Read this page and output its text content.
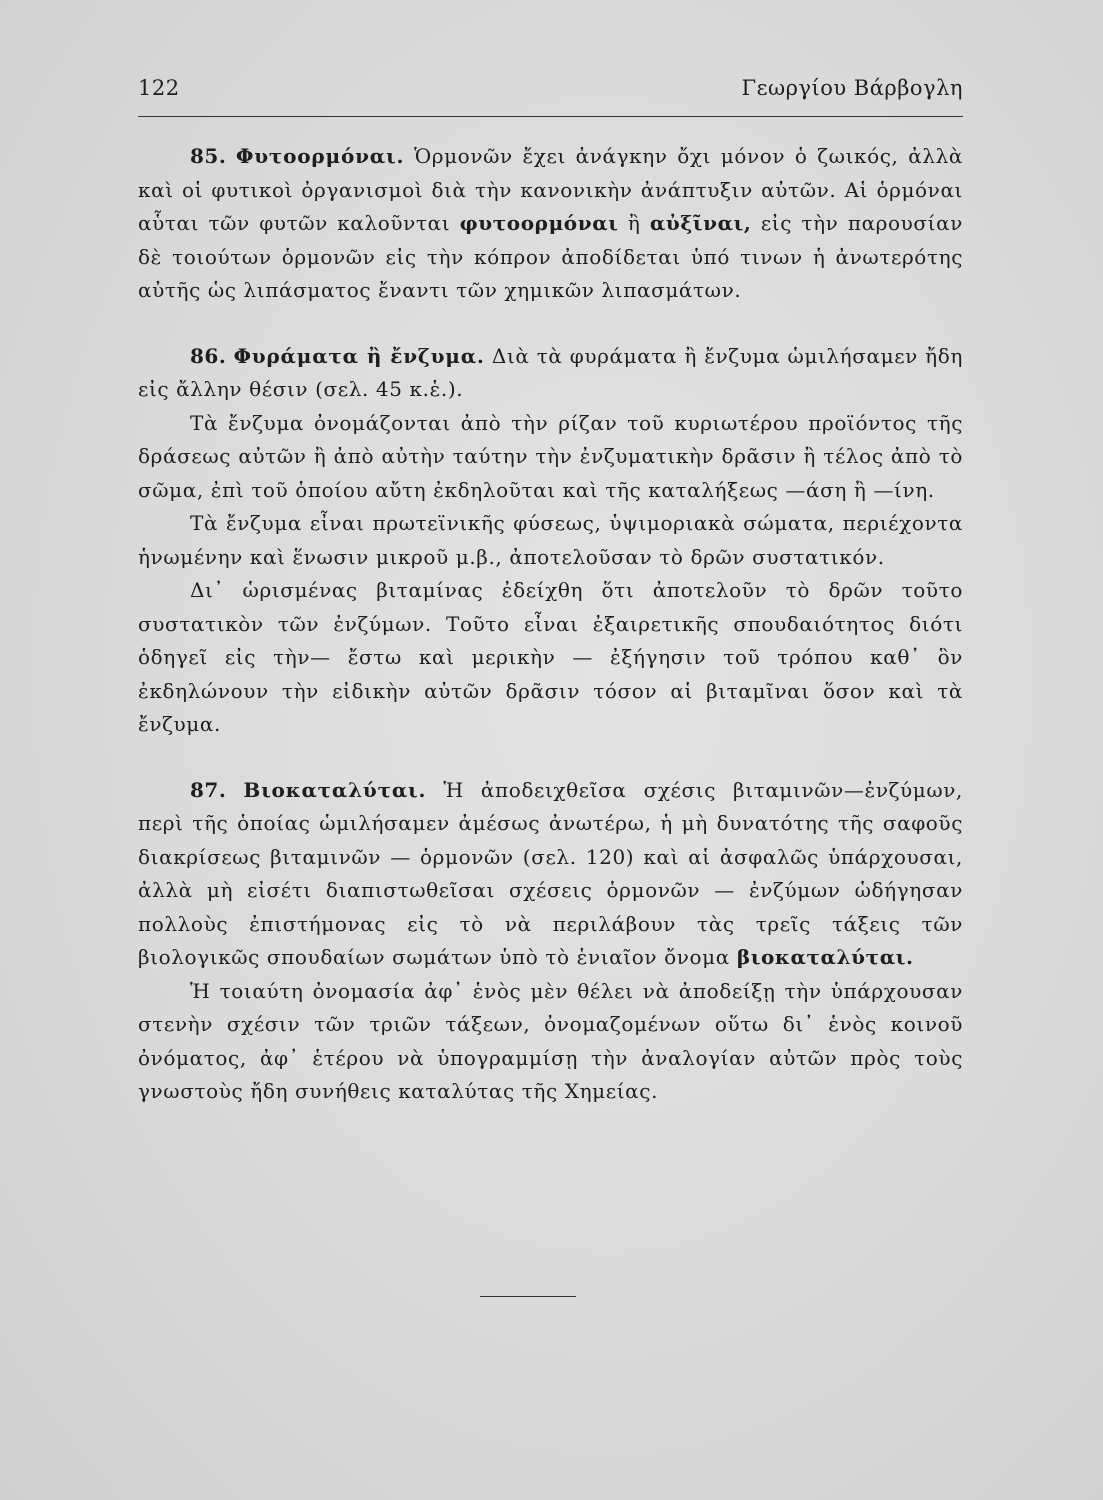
122	Γεωργίου Βάρβογλη

85. Φυτοορμόναι. Ὁρμονῶν ἔχει ἀνάγκην ὄχι μόνον ὁ ζωικός, ἀλλὰ καὶ οἱ φυτικοὶ ὀργανισμοὶ διὰ τὴν κανονικὴν ἀνάπτυξιν αὐτῶν. Αἱ ὁρμόναι αὗται τῶν φυτῶν καλοῦνται φυτοορμόναι ἢ αὐξῖναι, εἰς τὴν παρουσίαν δὲ τοιούτων ὁρμονῶν εἰς τὴν κόπρον ἀποδίδεται ὑπό τινων ἡ ἀνωτερότης αὐτῆς ὡς λιπάσματος ἔναντι τῶν χημικῶν λιπασμάτων.

86. Φυράματα ἢ ἔνζυμα. Διὰ τὰ φυράματα ἢ ἔνζυμα ὡμιλήσαμεν ἤδη εἰς ἄλλην θέσιν (σελ. 45 κ.ἑ.).

Τὰ ἔνζυμα ὀνομάζονται ἀπὸ τὴν ρίζαν τοῦ κυριωτέρου προϊόντος τῆς δράσεως αὐτῶν ἢ ἀπὸ αὐτὴν ταύτην τὴν ἐνζυματικὴν δρᾶσιν ἢ τέλος ἀπὸ τὸ σῶμα, ἐπὶ τοῦ ὁποίου αὔτη ἐκδηλοῦται καὶ τῆς καταλήξεως —άση ἢ —ίνη.

Τὰ ἔνζυμα εἶναι πρωτεϊνικῆς φύσεως, ὑψιμοριακὰ σώματα, περιέχοντα ἡνωμένην καὶ ἕνωσιν μικροῦ μ.β., ἀποτελοῦσαν τὸ δρῶν συστατικόν.

Δι᾽ ὡρισμένας βιταμίνας ἐδείχθη ὅτι ἀποτελοῦν τὸ δρῶν τοῦτο συστατικὸν τῶν ἐνζύμων. Τοῦτο εἶναι ἐξαιρετικῆς σπουδαιότητος διότι ὁδηγεῖ εἰς τὴν— ἔστω καὶ μερικὴν — ἐξήγησιν τοῦ τρόπου καθ᾽ ὃν ἐκδηλώνουν τὴν εἰδικὴν αὐτῶν δρᾶσιν τόσον αἱ βιταμῖναι ὅσον καὶ τὰ ἔνζυμα.

87. Βιοκαταλύται. Ἡ ἀποδειχθεῖσα σχέσις βιταμινῶν—ἐνζύμων, περὶ τῆς ὁποίας ὡμιλήσαμεν ἀμέσως ἀνωτέρω, ἡ μὴ δυνατότης τῆς σαφοῦς διακρίσεως βιταμινῶν — ὁρμονῶν (σελ. 120) καὶ αἱ ἀσφαλῶς ὑπάρχουσαι, ἀλλὰ μὴ εἰσέτι διαπιστωθεῖσαι σχέσεις ὁρμονῶν — ἐνζύμων ὡδήγησαν πολλοὺς ἐπιστήμονας εἰς τὸ νὰ περιλάβουν τὰς τρεῖς τάξεις τῶν βιολογικῶς σπουδαίων σωμάτων ὑπὸ τὸ ἑνιαῖον ὄνομα βιοκαταλύται.

Ἡ τοιαύτη ὀνομασία ἀφ᾽ ἑνὸς μὲν θέλει νὰ ἀποδείξῃ τὴν ὑπάρχουσαν στενὴν σχέσιν τῶν τριῶν τάξεων, ὀνομαζομένων οὕτω δι᾽ ἑνὸς κοινοῦ ὀνόματος, ἀφ᾽ ἑτέρου νὰ ὑπογραμμίσῃ τὴν ἀναλογίαν αὐτῶν πρὸς τοὺς γνωστοὺς ἤδη συνήθεις καταλύτας τῆς Χημείας.
